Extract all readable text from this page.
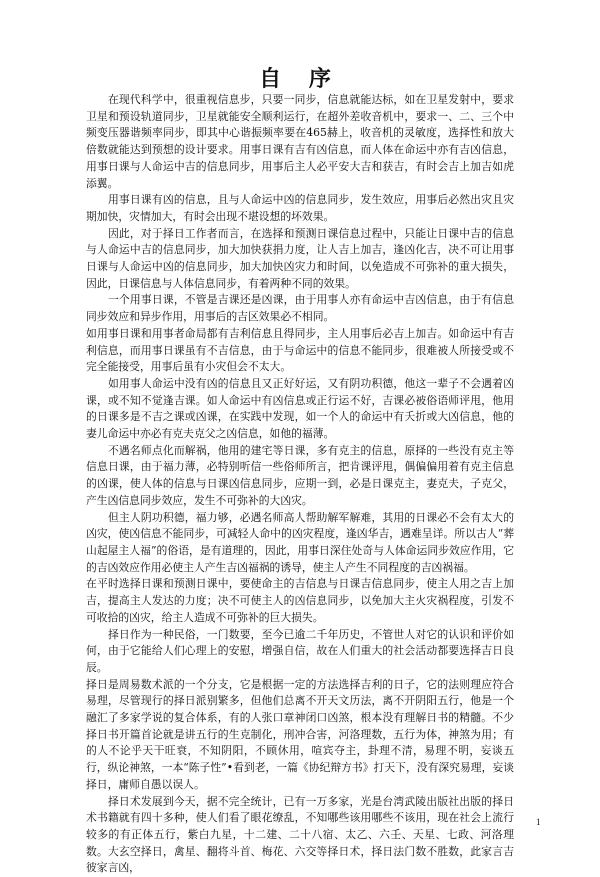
自 序

　　在现代科学中，很重视信息步，只要一同步，信息就能达标，如在卫星发射中，要求卫星和预设轨道同步，卫星就能安全顺利运行，在超外差收音机中，要求一、二、三个中频变压器谐频率同步，即其中心谐振频率要在465赫上，收音机的灵敏度，选择性和放大倍数就能达到预想的设计要求。用事日课有吉有凶信息，而人体在命运中亦有吉凶信息，用事日课与人命运中吉的信息同步，用事后主人必平安大吉和获吉，有时会吉上加吉如虎添翼。

　　用事日课有凶的信息，且与人命运中凶的信息同步，发生效应，用事后必然出灾且灾期加快，灾情加大，有时会出现不堪设想的坏效果。

　　因此，对于择日工作者而言，在选择和预测日课信息过程中，只能让日课中吉的信息与人命运中吉的信息同步，加大加快获捐力度，让人吉上加吉，逢凶化吉，决不可让用事日课与人命运中凶的信息同步，加大加快凶灾力和时间，以免造成不可弥补的重大损失，因此，日课信息与人体信息同步，有着两种不同的效果。

　　一个用事日课，不管是吉课还是凶课，由于用事人亦有命运中吉凶信息，由于有信息同步效应和异步作用，用事后的吉区效果必不相同。

如用事日课和用事者命局都有吉利信息且得同步，主人用事后必吉上加吉。如命运中有吉利信息，而用事日课虽有不吉信息，由于与命运中的信息不能同步，很难被人所接受或不完全能接受，用事后虽有小灾但会不太大。

　　如用事人命运中没有凶的信息且又正好好运，又有阴功积德，他这一辈子不会遇着凶课，或不知不觉逢吉课。如人命运中有凶信息或正行运不好，吉课必被俗语师评甩，他用的日课多是不吉之课或凶课，在实践中发现，如一个人的命运中有夭折或大凶信息，他的妻儿命运中亦必有克夫克父之凶信息，如他的福薄。

　　不遇名师点化而解祸，他用的建宅等日课，多有克主的信息，原择的一些没有克主等信息日课，由于福力薄，必特别听信一些俗师所言，把肯课评甩，偶偏偏用着有克主信息的凶课，使人体的信息与日课凶信息同步，应期一到，必是日课克主，妻克夫，子克父，产生凶信息同步效应，发生不可弥补的大凶灾。

　　但主人阴功积德，福力够，必遇名师高人帮助解军解难，其用的日课必不会有太大的凶灾，使凶信息不能同步，可减轻人命中的凶灾程度，逢凶华吉，遇难呈详。所以古人“葬山起屋主人福”的俗语，是有道理的，因此，用事日深住处奇与人体命运同步效应作用，它的吉凶效应作用必使主人产生吉凶福祸的诱导，使主人产生不同程度的吉凶祸福。

在平时选择日课和预测日课中，要使命主的吉信息与日课吉信息同步，使主人用之吉上加吉，提高主人发达的力度；决不可使主人的凶信息同步，以免加大主火灾祸程度，引发不可收拾的凶灾，给主人造成不可弥补的巨大损失。

　　择日作为一种民俗，一门数要，至今已逾二千年历史，不管世人对它的认识和评价如何，由于它能给人们心理上的安慰，增强自信，故在人们重大的社会活动都要选择吉日良辰。

择日是周易数术派的一个分支，它是根据一定的方法选择吉利的日子，它的法则理应符合易理，尽管现行的择日派别繁多，但他们总离不开天文历法，离不开阴阳五行，他是一个融汇了多家学说的复合体系，有的人张口章神闭口凶煞，根本没有理解日书的精髓。不少择日书开篇首论就是讲五行的生克制化，刑冲合害，河洛理数，五行为体，神煞为用；有的人不论乎天干旺衰，不知阴阳，不顾休用，喧宾夺主，卦理不清，易理不明，妄谈五行，纵论神煞，一本“陈子性”•看到老，一篇《协纪辩方书》打天下，没有深究易理，妄谈择日，庸师自愚以误人。

　　择日术发展到今天，据不完全统计，已有一万多家，光是台湾武陵出版社出版的择日术书籍就有四十多种，使人们看了眼花缭乱，不知哪些该用哪些不该用，现在社会上流行较多的有正体五行，紫白九星，十二建、二十八宿、太乙、六壬、天星、七政、河洛理数。大玄空择日，禽星、翻将斗首、梅花、六交等择日术，择日法门数不胜数，此家言吉彼家言凶，

1
